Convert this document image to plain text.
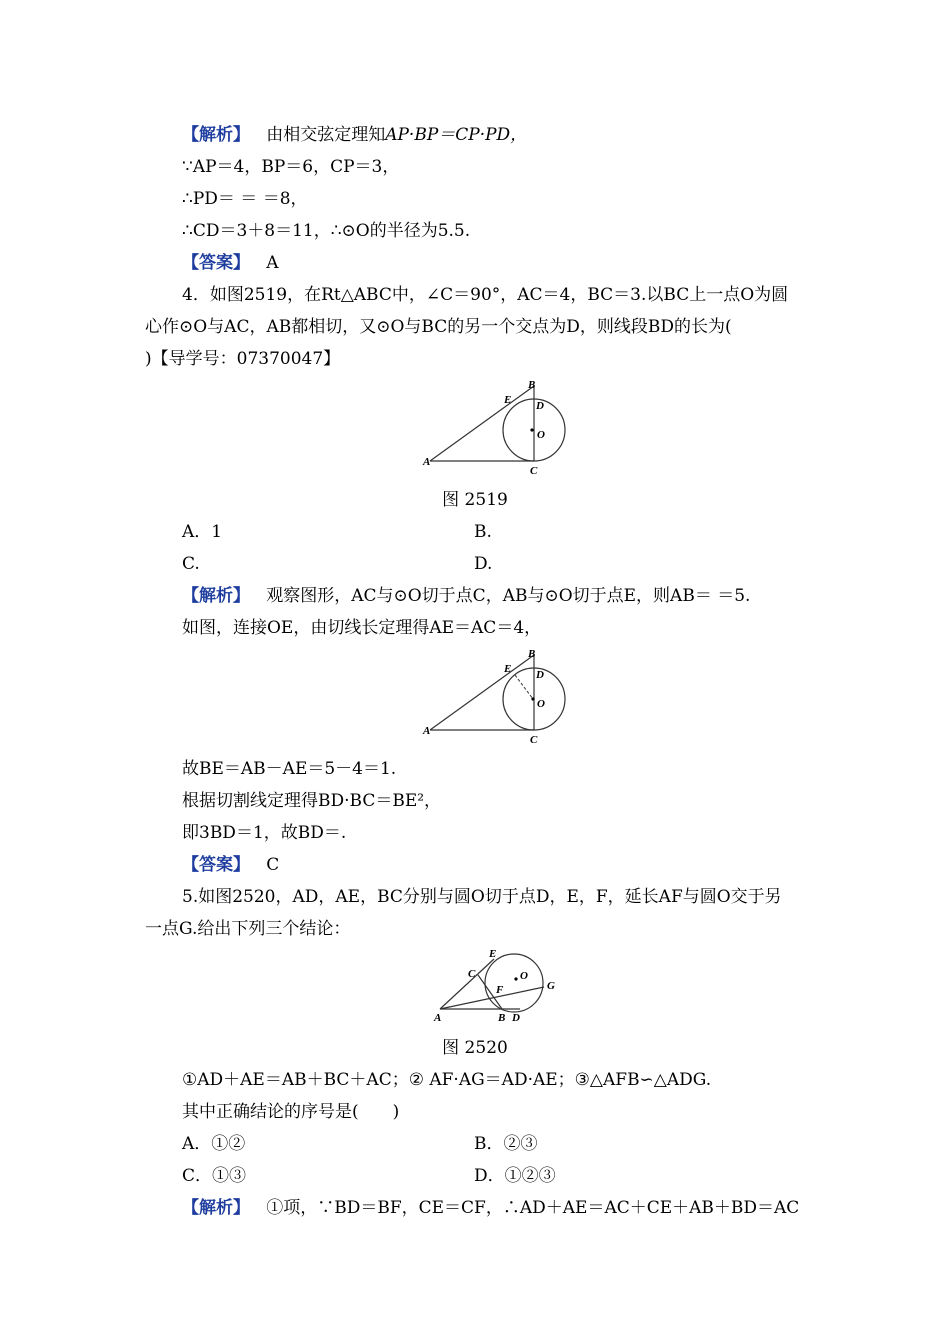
【解析】 由相交弦定理知AP·BP＝CP·PD，
∵AP＝4，BP＝6，CP＝3，
∴PD＝ ＝ ＝8，
∴CD＝3＋8＝11，∴⊙O的半径为5.5.
【答案】 A
4．如图2519，在Rt△ABC中，∠C＝90°，AC＝4，BC＝3.以BC上一点O为圆
心作⊙O与AC，AB都相切，又⊙O与BC的另一个交点为D，则线段BD的长为(
)【导学号：07370047】
A
B
C
D
E
O
图 2519
A．1	B.
C.	D.
【解析】 观察图形，AC与⊙O切于点C，AB与⊙O切于点E，则AB＝ ＝5.
如图，连接OE，由切线长定理得AE＝AC＝4，
A
B
C
D
E
O
故BE＝AB－AE＝5－4＝1.
根据切割线定理得BD·BC＝BE²，
即3BD＝1，故BD＝.
【答案】 C
5.如图2520，AD，AE，BC分别与圆O切于点D，E，F，延长AF与圆O交于另
一点G.给出下列三个结论：
A	B
C
D
E
F	G
O
图 2520
①AD＋AE＝AB＋BC＋AC；② AF·AG＝AD·AE；③△AFB∽△ADG.
其中正确结论的序号是(　　)
A．①②	B．②③
C．①③	D．①②③
【解析】 ①项，∵BD＝BF，CE＝CF，∴AD＋AE＝AC＋CE＋AB＋BD＝AC
